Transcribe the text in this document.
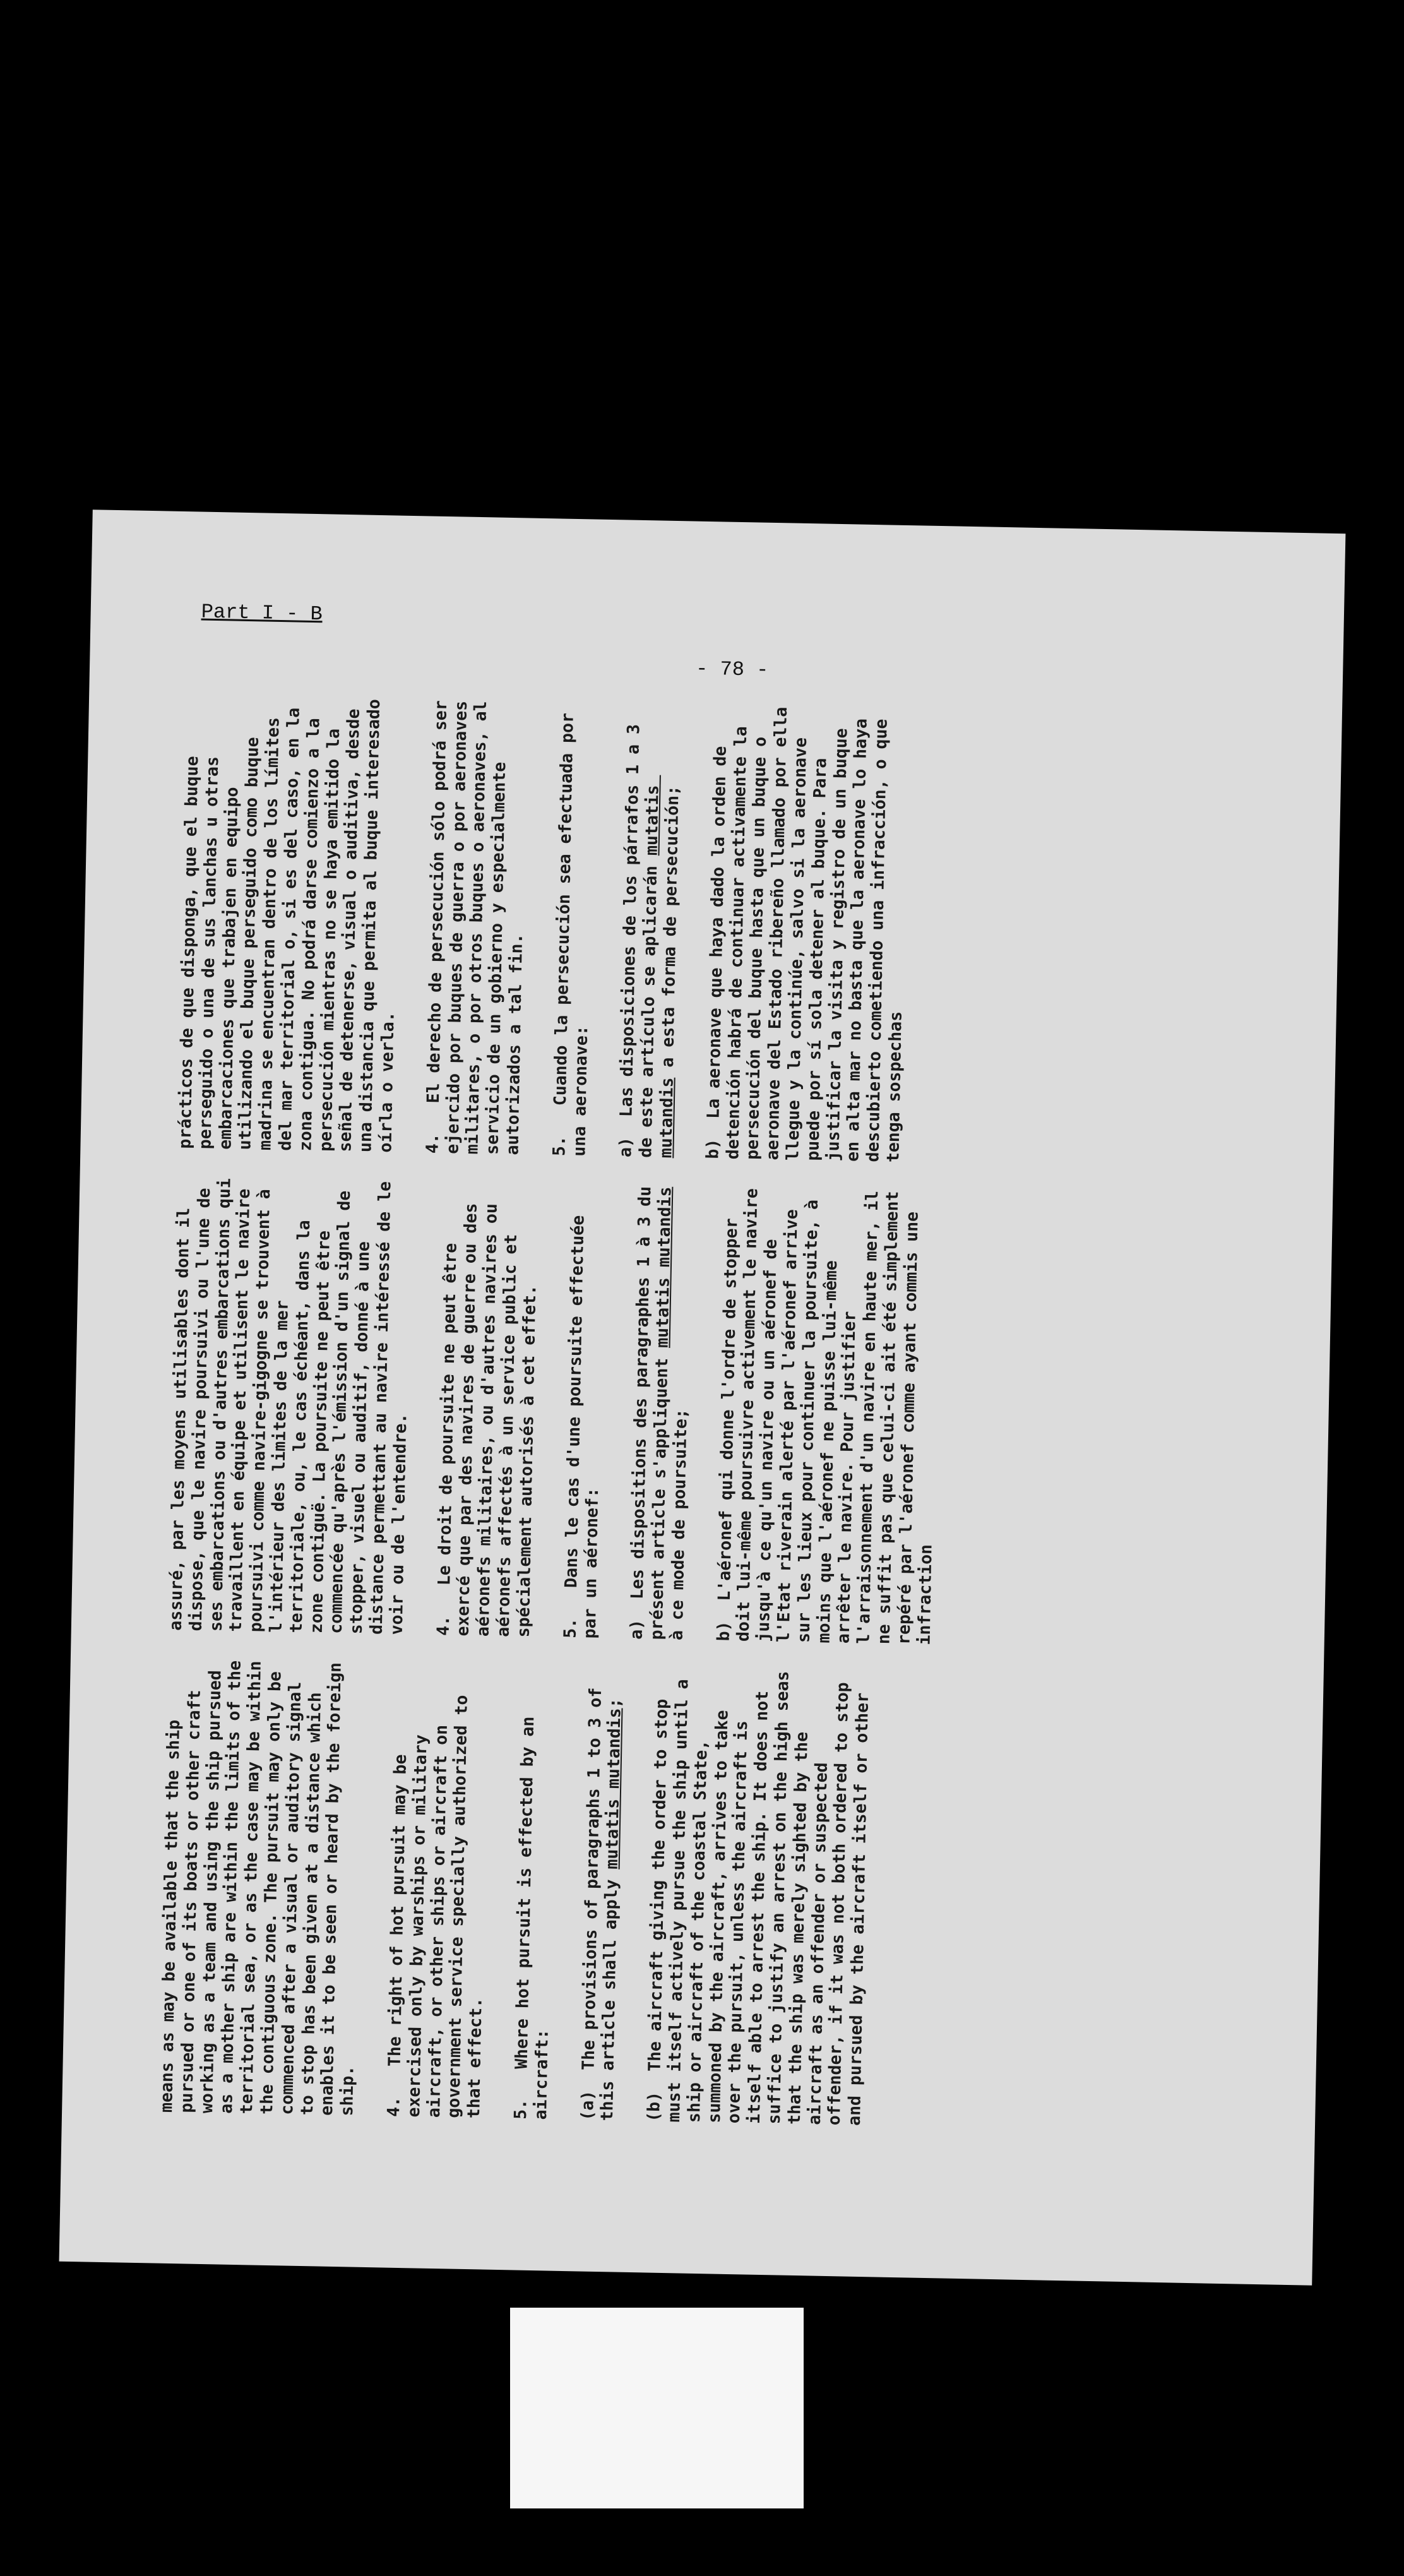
Part I - B
- 78 -
means as may be available that the ship pursued or one of its boats or other craft working as a team and using the ship pursued as a mother ship are within the limits of the territorial sea, or as the case may be within the contiguous zone. The pursuit may only be commenced after a visual or auditory signal to stop has been given at a distance which enables it to be seen or heard by the foreign ship.	4.   The right of hot pursuit may be exercised only by warships or military aircraft, or other ships or aircraft on government service specially authorized to that effect.	5.   Where hot pursuit is effected by an aircraft:	(a)  The provisions of paragraphs 1 to 3 of this article shall apply mutatis mutandis; (b)  The aircraft giving the order to stop must itself actively pursue the ship until a ship or aircraft of the coastal State, summoned by the aircraft, arrives to take over the pursuit, unless the aircraft is itself able to arrest the ship. It does not suffice to justify an arrest on the high seas that the ship was merely sighted by the aircraft as an offender or suspected offender, if it was not both ordered to stop and pursued by the aircraft itself or other
assuré, par les moyens utilisables dont il dispose, que le navire poursuivi ou l'une de ses embarcations ou d'autres embarcations qui travaillent en équipe et utilisent le navire poursuivi comme navire-gigogne se trouvent à l'intérieur des limites de la mer territoriale, ou, le cas échéant, dans la zone contiguë. La poursuite ne peut être commencée qu'après l'émission d'un signal de stopper, visuel ou auditif, donné à une distance permettant au navire intéressé de le voir ou de l'entendre.	4.   Le droit de poursuite ne peut être exercé que par des navires de guerre ou des aéronefs militaires, ou d'autres navires ou aéronefs affectés à un service public et spécialement autorisés à cet effet. 5.   Dans le cas d'une poursuite effectuée par un aéronef:	a)  Les dispositions des paragraphes 1 à 3 du présent article s'appliquent mutatis mutandis à ce mode de poursuite; b)  L'aéronef qui donne l'ordre de stopper doit lui-même poursuivre activement le navire jusqu'à ce qu'un navire ou un aéronef de l'Etat riverain alerté par l'aéronef arrive sur les lieux pour continuer la poursuite, à moins que l'aéronef ne puisse lui-même arrêter le navire. Pour justifier l'arraisonnement d'un navire en haute mer, il ne suffit pas que celui-ci ait été simplement repéré par l'aéronef comme ayant commis une infraction
prácticos de que disponga, que el buque perseguido o una de sus lanchas u otras embarcaciones que trabajen en equipo utilizando el buque perseguido como buque madrina se encuentran dentro de los límites del mar territorial o, si es del caso, en la zona contigua. No podrá darse comienzo a la persecución mientras no se haya emitido la señal de detenerse, visual o auditiva, desde una distancia que permita al buque interesado oírla o verla.	4.   El derecho de persecución sólo podrá ser ejercido por buques de guerra o por aeronaves militares, o por otros buques o aeronaves, al servicio de un gobierno y especialmente autorizados a tal fin.	5.   Cuando la persecución sea efectuada por una aeronave:	a)  Las disposiciones de los párrafos 1 a 3 de este artículo se aplicarán mutatis mutandis a esta forma de persecución; b)  La aeronave que haya dado la orden de detención habrá de continuar activamente la persecución del buque hasta que un buque o aeronave del Estado ribereño llamado por ella llegue y la continúe, salvo si la aeronave puede por sí sola detener al buque. Para justificar la visita y registro de un buque en alta mar no basta que la aeronave lo haya descubierto cometiendo una infracción, o que tenga sospechas
